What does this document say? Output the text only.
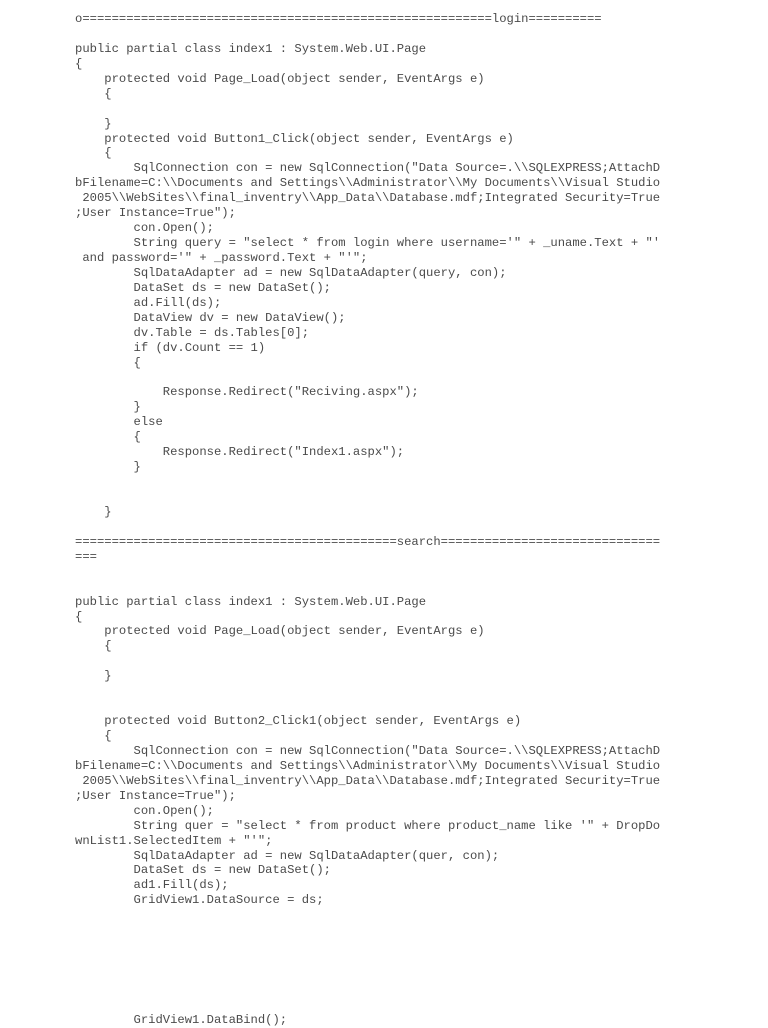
o========================================================login==========
public partial class index1 : System.Web.UI.Page
{
protected void Page_Load(object sender, EventArgs e)
{
}
protected void Button1_Click(object sender, EventArgs e)
{
SqlConnection con = new SqlConnection("Data Source=.\\SQLEXPRESS;AttachD
bFilename=C:\\Documents and Settings\\Administrator\\My Documents\\Visual Studio
2005\\WebSites\\final_inventry\\App_Data\\Database.mdf;Integrated Security=True
;User Instance=True");
con.Open();
String query = "select * from login where username='" + _uname.Text + "'
and password='" + _password.Text + "'";
SqlDataAdapter ad = new SqlDataAdapter(query, con);
DataSet ds = new DataSet();
ad.Fill(ds);
DataView dv = new DataView();
dv.Table = ds.Tables[0];
if (dv.Count == 1)
{
Response.Redirect("Reciving.aspx");
}
else
{
Response.Redirect("Index1.aspx");
}
}
============================================search==============================
===
public partial class index1 : System.Web.UI.Page
{
protected void Page_Load(object sender, EventArgs e)
{
}
protected void Button2_Click1(object sender, EventArgs e)
{
SqlConnection con = new SqlConnection("Data Source=.\\SQLEXPRESS;AttachD
bFilename=C:\\Documents and Settings\\Administrator\\My Documents\\Visual Studio
2005\\WebSites\\final_inventry\\App_Data\\Database.mdf;Integrated Security=True
;User Instance=True");
con.Open();
String quer = "select * from product where product_name like '" + DropDo
wnList1.SelectedItem + "'";
SqlDataAdapter ad = new SqlDataAdapter(quer, con);
DataSet ds = new DataSet();
ad1.Fill(ds);
GridView1.DataSource = ds;
GridView1.DataBind();
